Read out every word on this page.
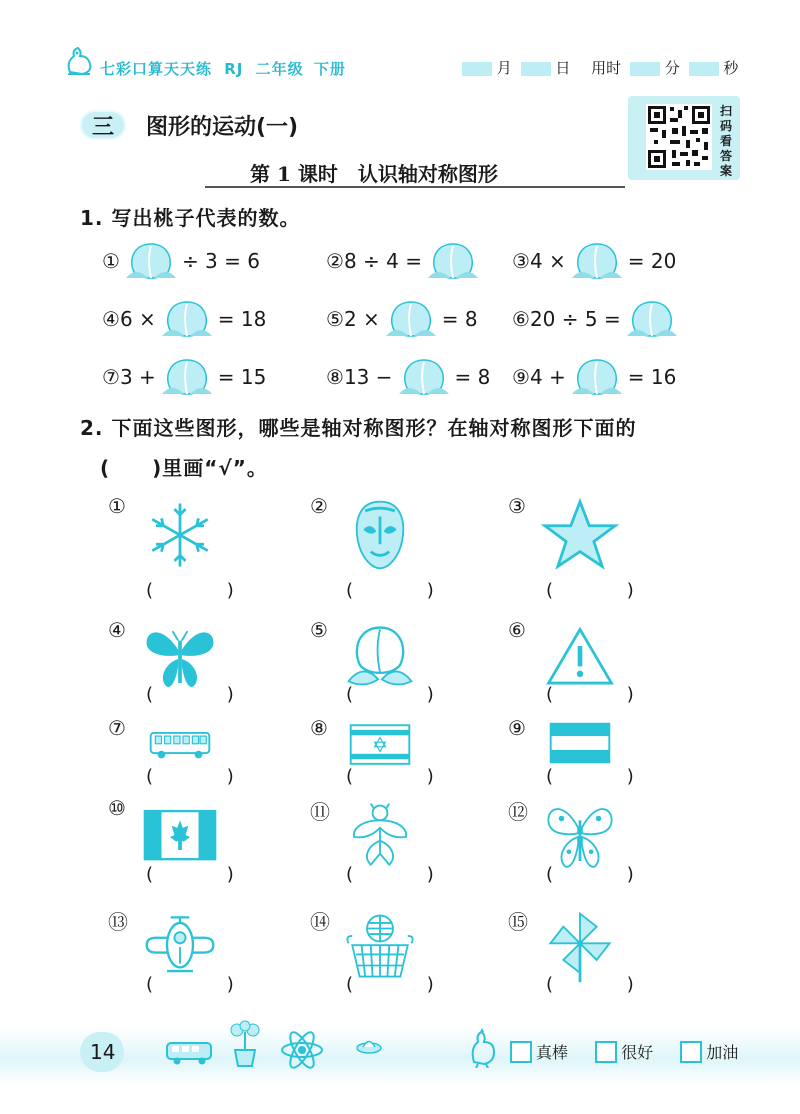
七彩口算天天练 RJ 二年级 下册	月	日 用时	分	秒
三 图形的运动(一)
扫码看答案
第 1 课时　认识轴对称图形
1. 写出桃子代表的数。
①	÷ 3 = 6	②8 ÷ 4 =	③4 ×	= 20
④6 ×	= 18	⑤2 ×	= 8 ⑥20 ÷ 5 =
⑦3 +	= 15	⑧13 −	= 8 ⑨4 +	= 16
2. 下面这些图形，哪些是轴对称图形？在轴对称图形下面的
(　　)里画“√”。
①
( )
②
( )
③
( )
④
( )
⑤
( )
⑥
( )
⑦
( )
⑧
( )
⑨
( )
⑩
( )
⑪
( )
⑫
( )
⑬
( )
⑭
( )
⑮
( )
14	真棒	很好	加油
